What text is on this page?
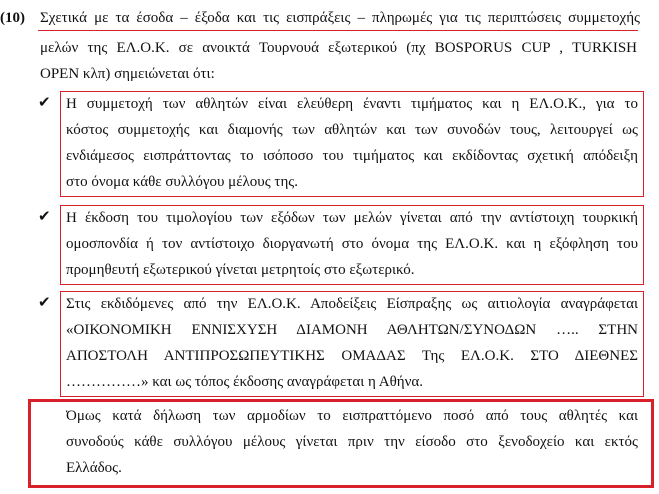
(10) Σχετικά με τα έσοδα – έξοδα και τις εισπράξεις – πληρωμές για τις περιπτώσεις συμμετοχής
μελών της ΕΛ.Ο.Κ. σε ανοικτά Τουρνουά εξωτερικού (πχ BOSPORUS CUP , TURKISH
OPEN κλπ) σημειώνεται ότι:
✔ Η συμμετοχή των αθλητών είναι ελεύθερη έναντι τιμήματος και η ΕΛ.Ο.Κ., για το
κόστος συμμετοχής και διαμονής των αθλητών και των συνοδών τους, λειτουργεί ως
ενδιάμεσος εισπράττοντας το ισόποσο του τιμήματος και εκδίδοντας σχετική απόδειξη
στο όνομα κάθε συλλόγου μέλους της.
✔ Η έκδοση του τιμολογίου των εξόδων των μελών γίνεται από την αντίστοιχη τουρκική
ομοσπονδία ή τον αντίστοιχο διοργανωτή στο όνομα της ΕΛ.Ο.Κ. και η εξόφληση του
προμηθευτή εξωτερικού γίνεται μετρητοίς στο εξωτερικό.
✔ Στις εκδιδόμενες από την ΕΛ.Ο.Κ. Αποδείξεις Είσπραξης ως αιτιολογία αναγράφεται
«ΟΙΚΟΝΟΜΙΚΗ ΕΝΝΙΣΧΥΣΗ ΔΙΑΜΟΝΗ ΑΘΛΗΤΩΝ/ΣΥΝΟΔΩΝ ….. ΣΤΗΝ
ΑΠΟΣΤΟΛΗ ΑΝΤΙΠΡΟΣΩΠΕΥΤΙΚΗΣ ΟΜΑΔΑΣ Της ΕΛ.Ο.Κ. ΣΤΟ ΔΙΕΘΝΕΣ
……………» και ως τόπος έκδοσης αναγράφεται η Αθήνα.
Όμως κατά δήλωση των αρμοδίων το εισπραττόμενο ποσό από τους αθλητές και
συνοδούς κάθε συλλόγου μέλους γίνεται πριν την είσοδο στο ξενοδοχείο και εκτός
Ελλάδος.
